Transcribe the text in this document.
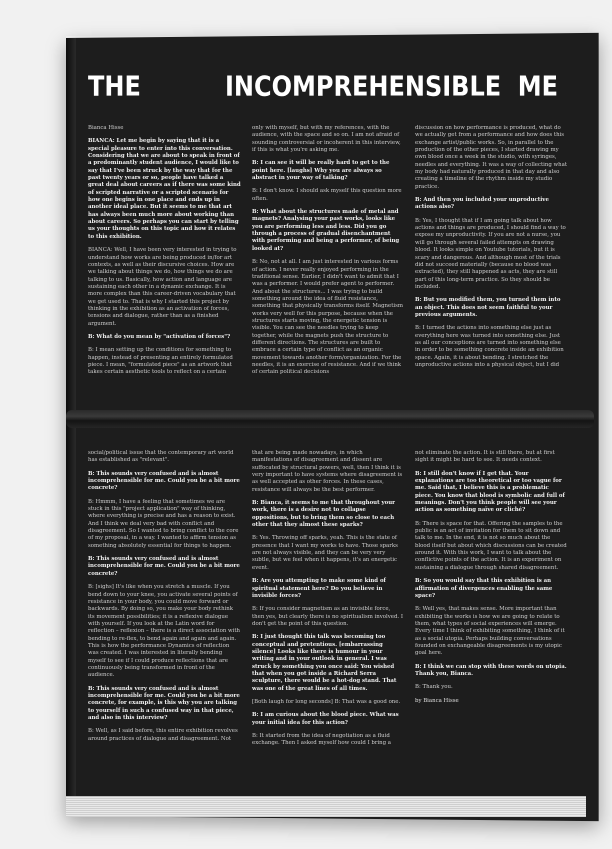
THE	INCOMPREHENSIBLE ME

Bianca Hisse

BIANCA: Let me begin by saying that it is a special pleasure to enter into this conversation. Considering that we are about to speak in front of a predominantly student audience, I would like to say that I've been struck by the way that for the past twenty years or so, people have talked a great deal about careers as if there was some kind of scripted narrative or a scripted scenario for how one begins in one place and ends up in another ideal place. But it seems to me that art has always been much more about working than about careers. So perhaps you can start by telling us your thoughts on this topic and how it relates to this exhibition.

BIANCA: Well, I have been very interested in trying to understand how works are being produced in/for art contexts, as well as their discursive choices. How are we talking about things we do, how things we do are talking to us. Basically, how action and language are sustaining each other in a dynamic exchange. It is more complex than this career-driven vocabulary that we get used to. That is why I started this project by thinking in the exhibition as an activation of forces, tensions and dialogue, rather than as a finished argument.

B: What do you mean by "activation of forces"?

B: I mean setting up the conditions for something to happen, instead of presenting an entirely formulated piece. I mean, "formulated piece" as an artwork that takes certain aesthetic tools to reflect on a certain

only with myself, but with my references, with the audience, with the space and so on. I am not afraid of sounding controversial or incoherent in this interview, if this is what you're asking me.

B: I can see it will be really hard to get to the point here. [laughs] Why you are always so abstract in your way of talking?

B: I don't know. I should ask myself this question more often.

B: What about the structures made of metal and magnets? Analysing your past works, looks like you are performing less and less. Did you go through a process of gradual disenchantment with performing and being a performer, of being looked at?

B: No, not at all. I am just interested in various forms of action. I never really enjoyed performing in the traditional sense. Earlier, I didn't want to admit that I was a performer. I would prefer agent to performer. And about the structures... I was trying to build something around the idea of fluid resistance, something that physically transforms itself. Magnetism works very well for this purpose, because when the structures starts moving, the energetic tension is visible. You can see the needles trying to keep together, while the magnets push the structure to different directions. The structures are built to embrace a certain type of conflict as an organic movement towards another form/organization. For the needles, it is an exercise of resistance. And if we think of certain political decisions

discussion on how performance is produced, what do we actually get from a performance and how does this exchange artist/public works. So, in parallel to the production of the other pieces, I started drawing my own blood once a week in the studio, with syringes, needles and everything. It was a way of collecting what my body had naturally produced in that day and also creating a timeline of the rhythm inside my studio practice.

B: And then you included your unproductive actions also?

B: Yes, I thought that if I am going talk about how actions and things are produced, I should find a way to expose my unproductivity. If you are not a nurse, you will go through several failed attempts on drawing blood. It looks simple on Youtube tutorials, but it is scary and dangerous. And although most of the trials did not succeed materially (because no blood was extracted), they still happened as acts, they are still part of this long-term practice. So they should be included.

B: But you modified them, you turned them into an object. This does not seem faithful to your previous arguments.

B: I turned the actions into something else just as everything here was turned into something else. Just as all our conceptions are turned into something else in order to be something concrete inside an exhibition space. Again, it is about bending. I stretched the unproductive actions into a physical object, but I did

social/political issue that the contemporary art world has established as "relevant".

B: This sounds very confused and is almost incomprehensible for me. Could you be a bit more concrete?

B: Hmmm, I have a feeling that sometimes we are stuck in this "project application" way of thinking, where everything is precise and has a reason to exist. And I think we deal very bad with conflict and disagreement. So I wanted to bring conflict to the core of my proposal, in a way. I wanted to affirm tension as something absolutely essential for things to happen.

B: This sounds very confused and is almost incomprehensible for me. Could you be a bit more concrete?

B: [sighs] It's like when you stretch a muscle. If you bend down to your knee, you activate several points of resistance in your body, you could move forward or backwards. By doing so, you make your body rethink its movement possibilities; it is a reflexive dialogue with yourself. If you look at the Latin word for reflection – reflexion – there is a direct association with bending to re-flex, to bend again and again and again. This is how the performance Dynamics of reflection was created. I was interested in literally bending myself to see if I could produce reflections that are continuously being transformed in front of the audience.

B: This sounds very confused and is almost incomprehensible for me. Could you be a bit more concrete, for example, is this why you are talking to yourself in such a confused way in that piece, and also in this interview?

B: Well, as I said before, this entire exhibition revolves around practices of dialogue and disagreement. Not

that are being made nowadays, in which manifestations of disagreement and dissent are suffocated by structural powers, well, then I think it is very important to have systems where disagreement is as well accepted as other forces. In these cases, resistance will always be the best performer.

B: Bianca, it seems to me that throughout your work, there is a desire not to collapse oppositions, but to bring them so close to each other that they almost these sparks?

B: Yes. Throwing off sparks, yeah. This is the state of presence that I want my works to have. Those sparks are not always visible, and they can be very very subtle, but we feel when it happens, it's an energetic event.

B: Are you attempting to make some kind of spiritual statement here? Do you believe in invisible forces?

B: If you consider magnetism as an invisible force, then yes, but clearly there is no spiritualism involved. I don't get the point of this question.

B: I just thought this talk was becoming too conceptual and pretentious. [embarrassing silence] Looks like there is humour in your writing and in your outlook in general. I was struck by something you once said: You wished that when you got inside a Richard Serra sculpture, there would be a hot-dog stand. That was one of the great lines of all times.

[Both laugh for long seconds] B: That was a good one.

B: I am curious about the blood piece. What was your initial idea for this action?

B: It started from the idea of negotiation as a fluid exchange. Then I asked myself how could I bring a

not eliminate the action. It is still there, but at first sight it might be hard to see. It needs context.

B: I still don't know if I get that. Your explanations are too theoretical or too vague for me. Said that, I believe this is a problematic piece. You know that blood is symbolic and full of meanings. Don't you think people will see your action as something naïve or cliché?

B: There is space for that. Offering the samples to the public is an act of invitation for them to sit down and talk to me. In the end, it is not so much about the blood itself but about which discussions can be created around it. With this work, I want to talk about the conflictive points of the action. It is an experiment on sustaining a dialogue through shared disagreement.

B: So you would say that this exhibition is an affirmation of divergences enabling the same space?

B: Well yes, that makes sense. More important than exhibiting the works is how we are going to relate to them, what types of social experiences will emerge. Every time I think of exhibiting something, I think of it as a social utopia. Perhaps building conversations founded on exchangeable disagreements is my utopic goal here.

B: I think we can stop with these words on utopia. Thank you, Bianca.

B: Thank you.

by Bianca Hisse
